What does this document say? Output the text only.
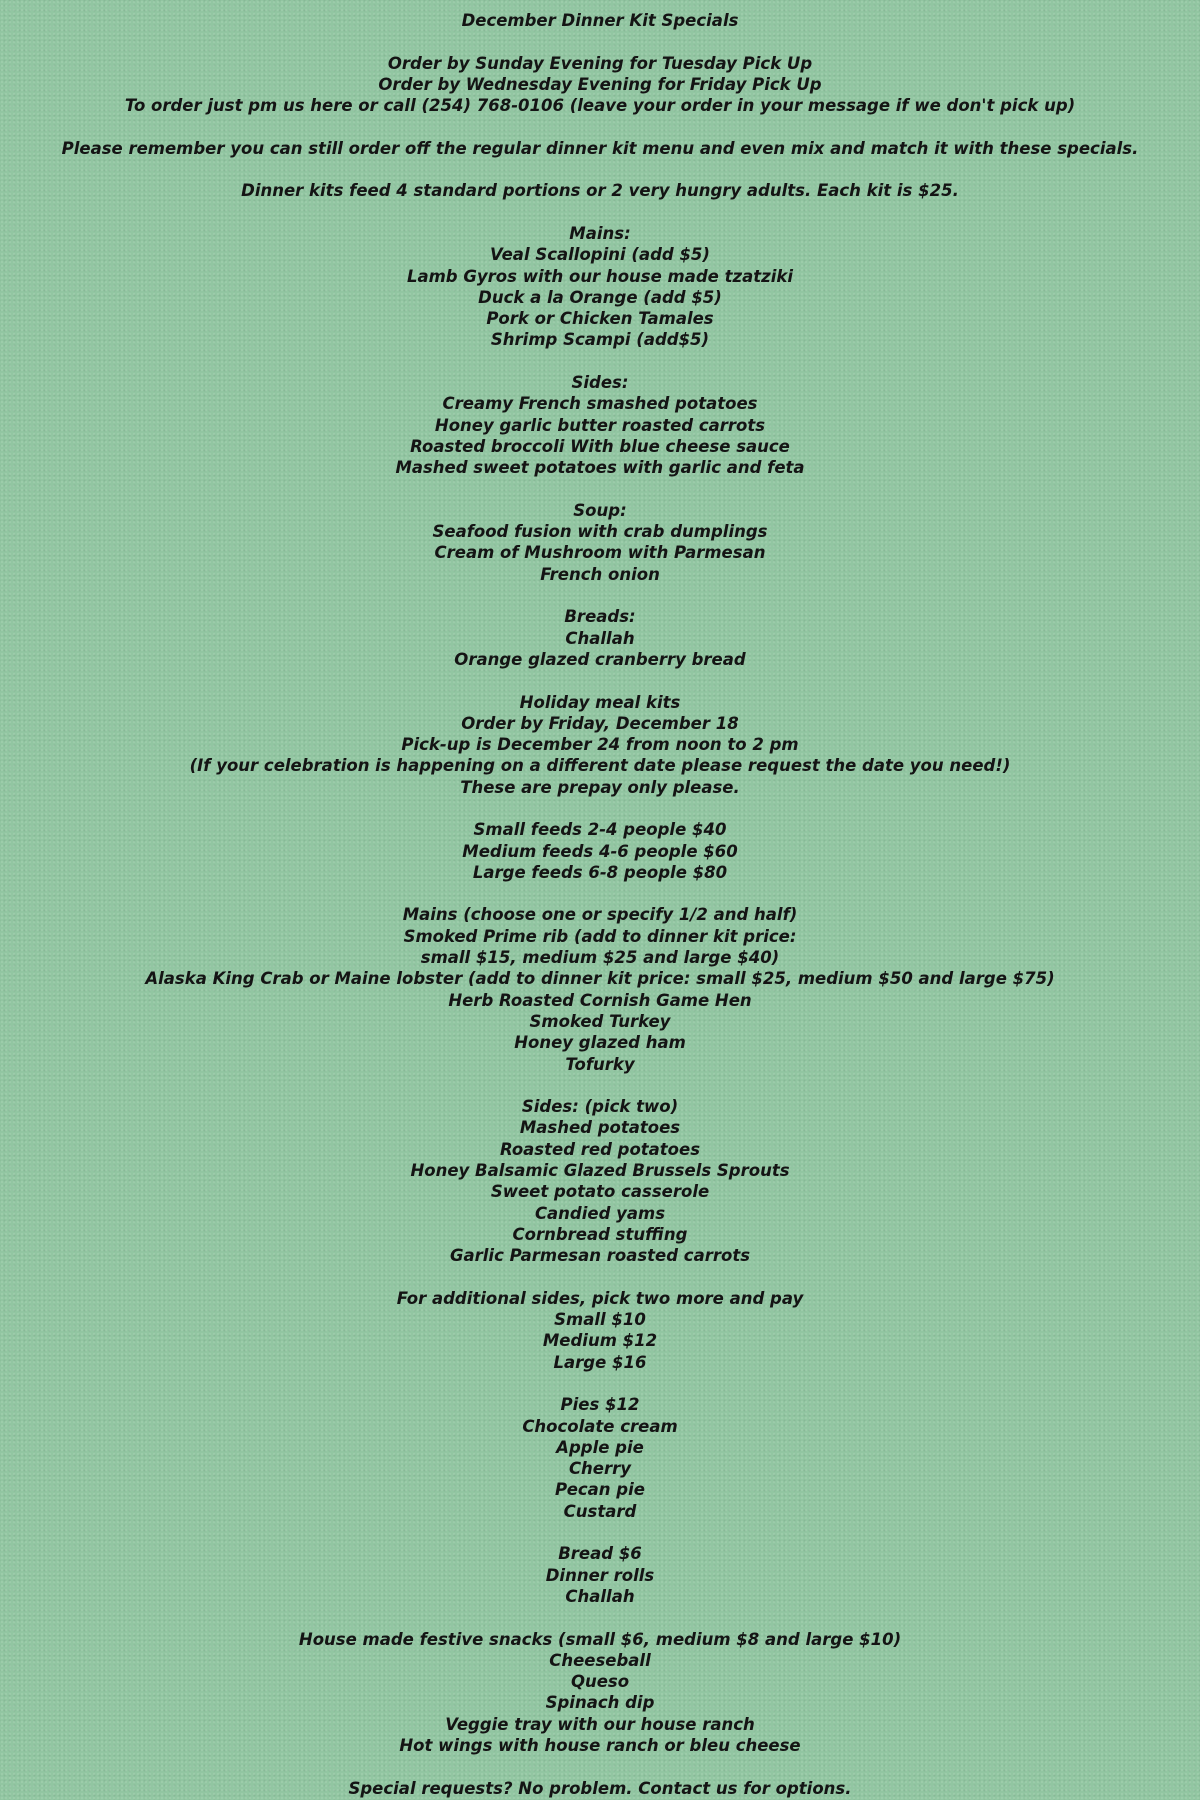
December Dinner Kit Specials
Order by Sunday Evening for Tuesday Pick Up
Order by Wednesday Evening for Friday Pick Up
To order just pm us here or call (254) 768-0106 (leave your order in your message if we don't pick up)
Please remember you can still order off the regular dinner kit menu and even mix and match it with these specials.
Dinner kits feed 4 standard portions or 2 very hungry adults. Each kit is $25.
Mains:
Veal Scallopini (add $5)
Lamb Gyros with our house made tzatziki
Duck a la Orange (add $5)
Pork or Chicken Tamales
Shrimp Scampi (add$5)
Sides:
Creamy French smashed potatoes
Honey garlic butter roasted carrots
Roasted broccoli With blue cheese sauce
Mashed sweet potatoes with garlic and feta
Soup:
Seafood fusion with crab dumplings
Cream of Mushroom with Parmesan
French onion
Breads:
Challah
Orange glazed cranberry bread
Holiday meal kits
Order by Friday, December 18
Pick-up is December 24 from noon to 2 pm
(If your celebration is happening on a different date please request the date you need!)
These are prepay only please.
Small feeds 2-4 people $40
Medium feeds 4-6 people $60
Large feeds 6-8 people $80
Mains (choose one or specify 1/2 and half)
Smoked Prime rib (add to dinner kit price:
small $15, medium $25 and large $40)
Alaska King Crab or Maine lobster (add to dinner kit price: small $25, medium $50 and large $75)
Herb Roasted Cornish Game Hen
Smoked Turkey
Honey glazed ham
Tofurky
Sides: (pick two)
Mashed potatoes
Roasted red potatoes
Honey Balsamic Glazed Brussels Sprouts
Sweet potato casserole
Candied yams
Cornbread stuffing
Garlic Parmesan roasted carrots
For additional sides, pick two more and pay
Small $10
Medium $12
Large $16
Pies $12
Chocolate cream
Apple pie
Cherry
Pecan pie
Custard
Bread $6
Dinner rolls
Challah
House made festive snacks (small $6, medium $8 and large $10)
Cheeseball
Queso
Spinach dip
Veggie tray with our house ranch
Hot wings with house ranch or bleu cheese
Special requests? No problem. Contact us for options.
